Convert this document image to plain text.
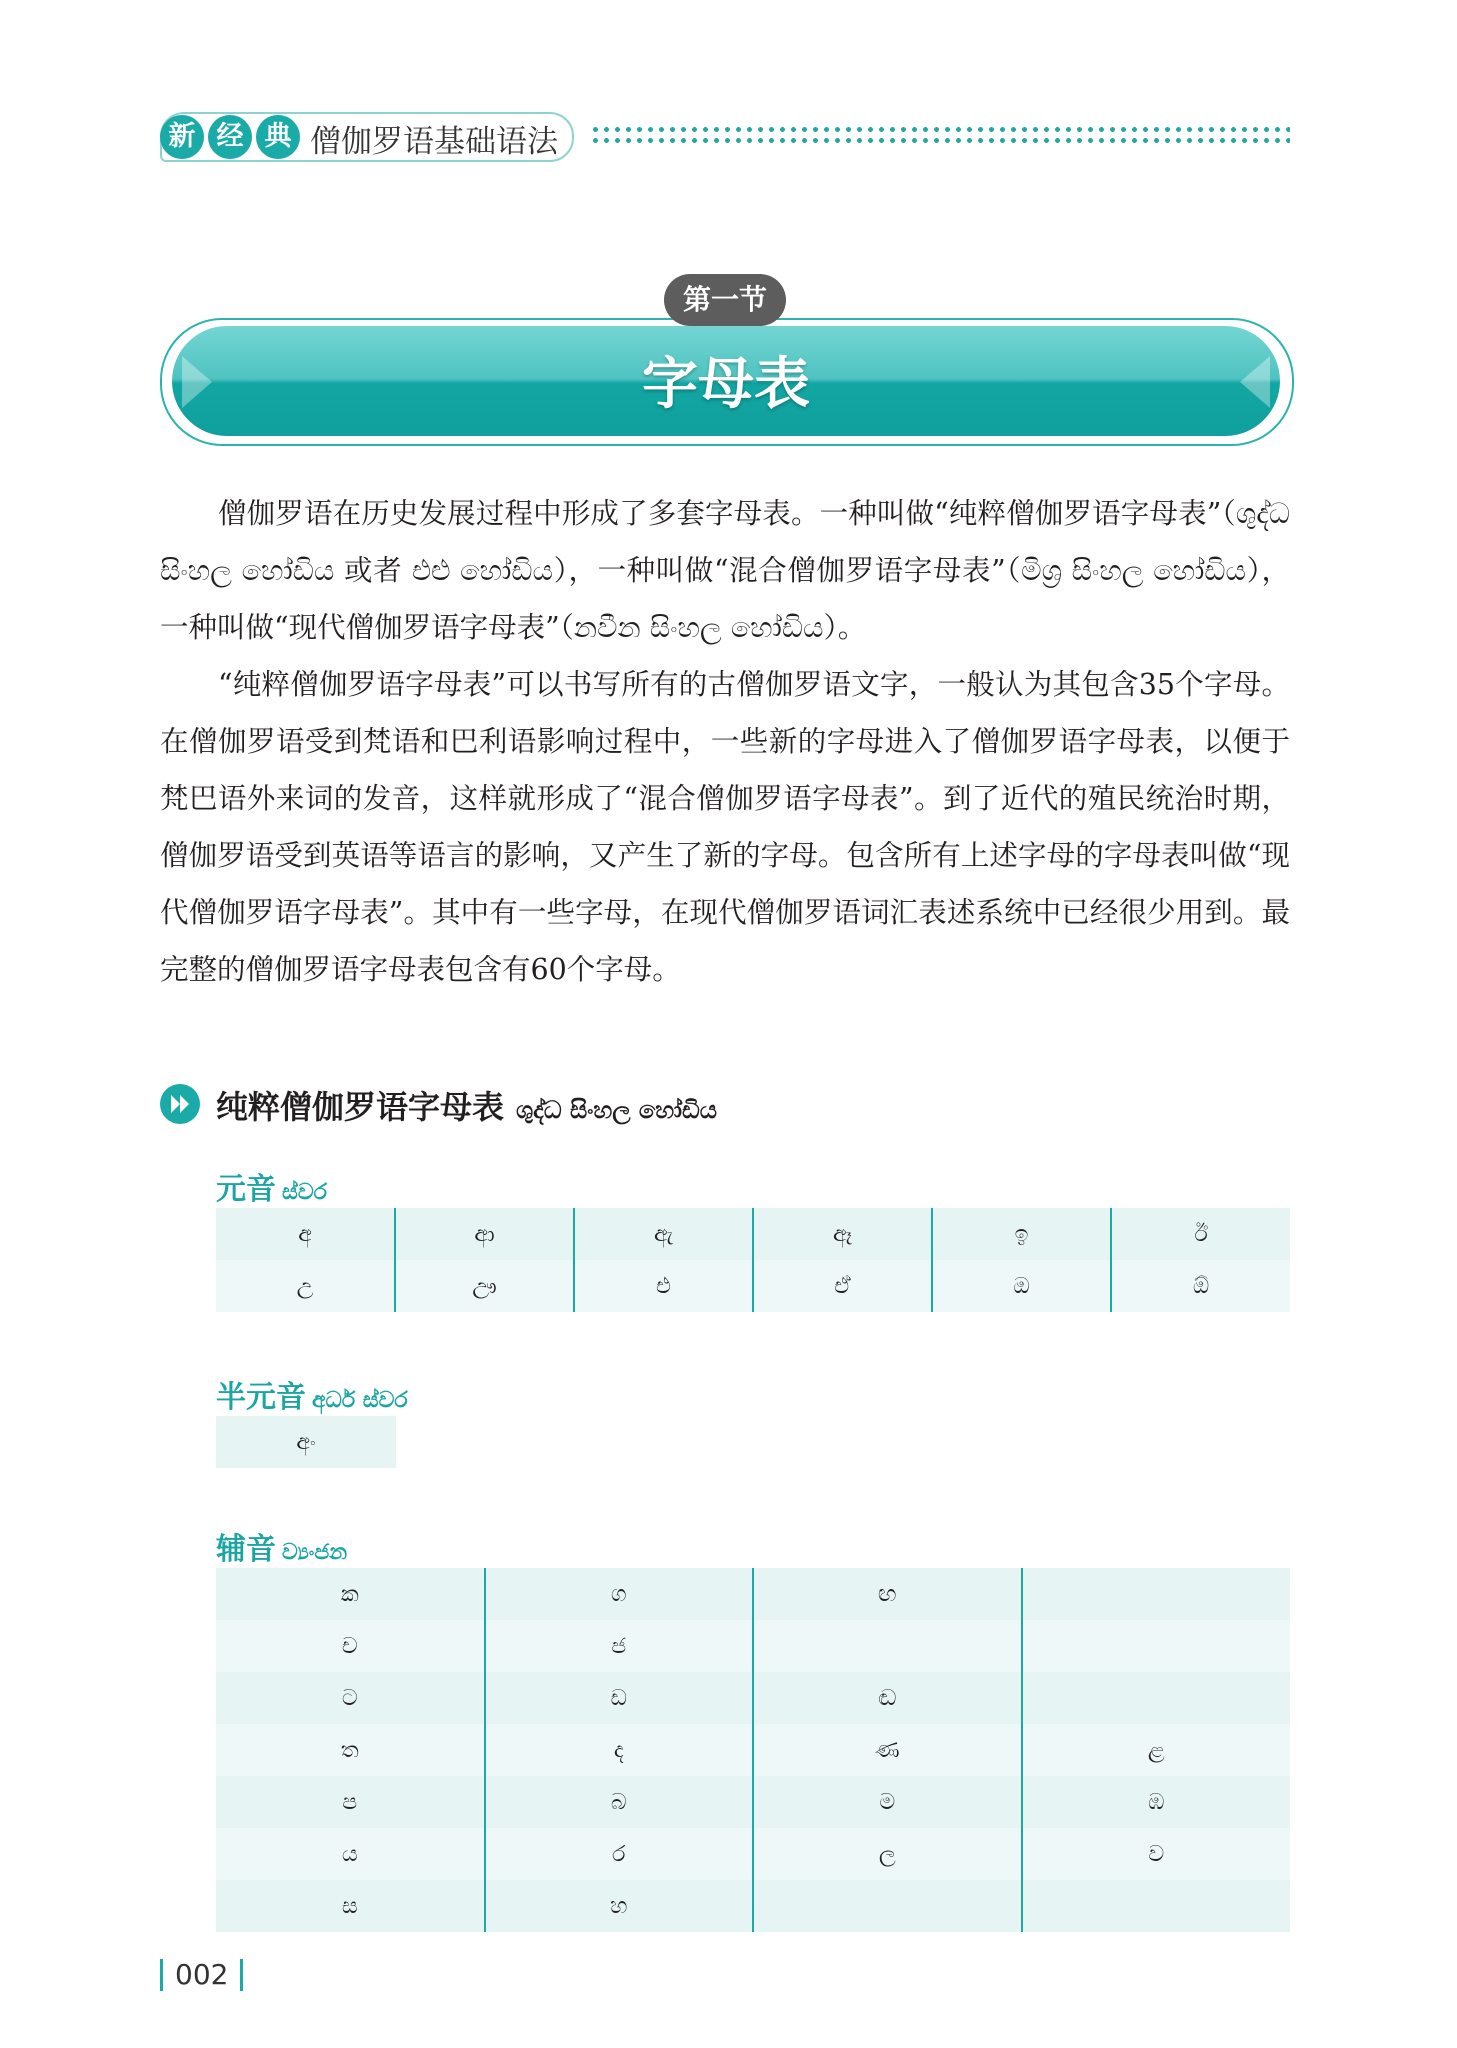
新 经 典 僧伽罗语基础语法
字母表
第一节

僧伽罗语在历史发展过程中形成了多套字母表。一种叫做“纯粹僧伽罗语字母表”（ශුද්ධ සිංහල හෝඩිය 或者 එළු හෝඩිය），一种叫做“混合僧伽罗语字母表”（මිශ්‍ර සිංහල හෝඩිය），一种叫做“现代僧伽罗语字母表”（නවීන සිංහල හෝඩිය）。

“纯粹僧伽罗语字母表”可以书写所有的古僧伽罗语文字，一般认为其包含35个字母。在僧伽罗语受到梵语和巴利语影响过程中，一些新的字母进入了僧伽罗语字母表，以便于梵巴语外来词的发音，这样就形成了“混合僧伽罗语字母表”。到了近代的殖民统治时期，僧伽罗语受到英语等语言的影响，又产生了新的字母。包含所有上述字母的字母表叫做“现代僧伽罗语字母表”。其中有一些字母，在现代僧伽罗语词汇表述系统中已经很少用到。最完整的僧伽罗语字母表包含有60个字母。

纯粹僧伽罗语字母表 ශුද්ධ සිංහල හෝඩිය
元音 ස්වර
අ	ආ	ඇ	ඈ	ඉ	ඊ
උ	ඌ	එ	ඒ	ඔ	ඕ
半元音 අර්ධ ස්වර
අං
辅音 ව්‍යංජන
ක	ග	ඟ	
ච	ජ		
ට	ඩ	ඬ	
ත	ද	ණ	ළ
ප	බ	ම	ඹ
ය	ර	ල	ව
ස	හ		
002
